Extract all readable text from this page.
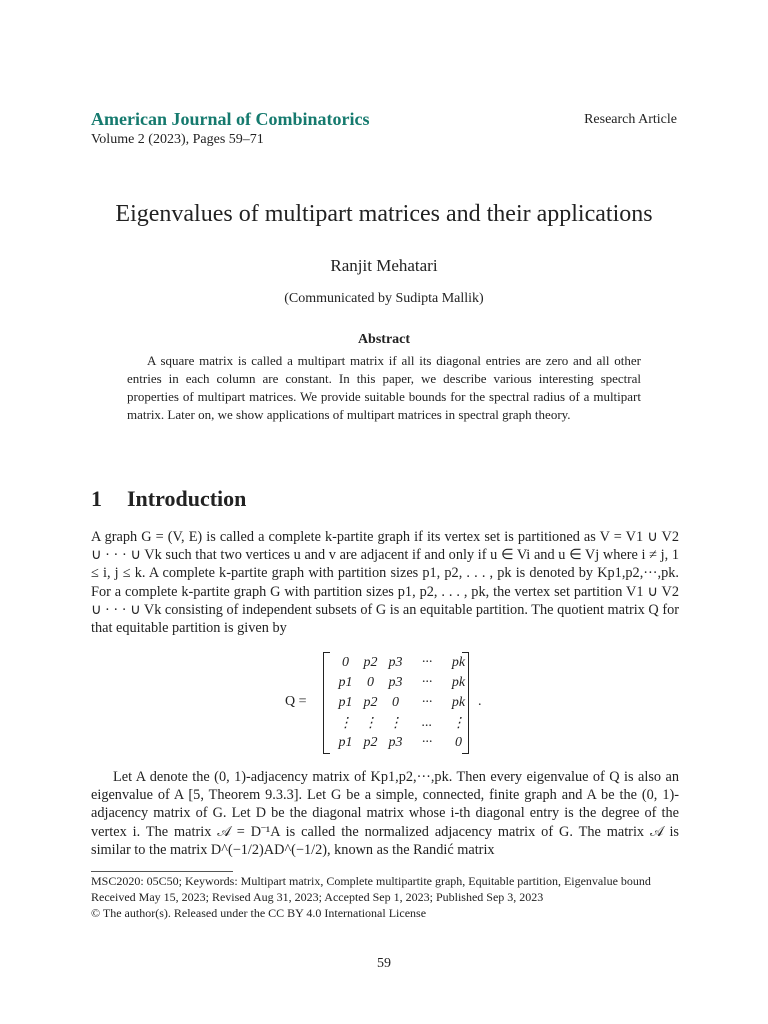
American Journal of Combinatorics
Volume 2 (2023), Pages 59–71
Research Article
Eigenvalues of multipart matrices and their applications
Ranjit Mehatari
(Communicated by Sudipta Mallik)
Abstract
A square matrix is called a multipart matrix if all its diagonal entries are zero and all other entries in each column are constant. In this paper, we describe various interesting spectral properties of multipart matrices. We provide suitable bounds for the spectral radius of a multipart matrix. Later on, we show applications of multipart matrices in spectral graph theory.
1 Introduction

A graph G = (V, E) is called a complete k-partite graph if its vertex set is partitioned as V = V1 ∪ V2 ∪ · · · ∪ Vk such that two vertices u and v are adjacent if and only if u ∈ Vi and u ∈ Vj where i ≠ j, 1 ≤ i, j ≤ k. A complete k-partite graph with partition sizes p1, p2, . . . , pk is denoted by Kp1,p2,···,pk. For a complete k-partite graph G with partition sizes p1, p2, . . . , pk, the vertex set partition V1 ∪ V2 ∪ · · · ∪ Vk consisting of independent subsets of G is an equitable partition. The quotient matrix Q for that equitable partition is given by

Q =
0	p2	p3	···	pk
p1	0	p3	···	pk
p1	p2	0	···	pk
⋮	⋮	⋮	...	⋮
p1	p2	p3	···	0
.

Let A denote the (0, 1)-adjacency matrix of Kp1,p2,···,pk. Then every eigenvalue of Q is also an eigenvalue of A [5, Theorem 9.3.3]. Let G be a simple, connected, finite graph and A be the (0, 1)-adjacency matrix of G. Let D be the diagonal matrix whose i-th diagonal entry is the degree of the vertex i. The matrix 𝒜 = D⁻¹A is called the normalized adjacency matrix of G. The matrix 𝒜 is similar to the matrix D^(−1/2)AD^(−1/2), known as the Randić matrix

MSC2020: 05C50; Keywords: Multipart matrix, Complete multipartite graph, Equitable partition, Eigenvalue bound

Received May 15, 2023; Revised Aug 31, 2023; Accepted Sep 1, 2023; Published Sep 3, 2023

© The author(s). Released under the CC BY 4.0 International License

59
